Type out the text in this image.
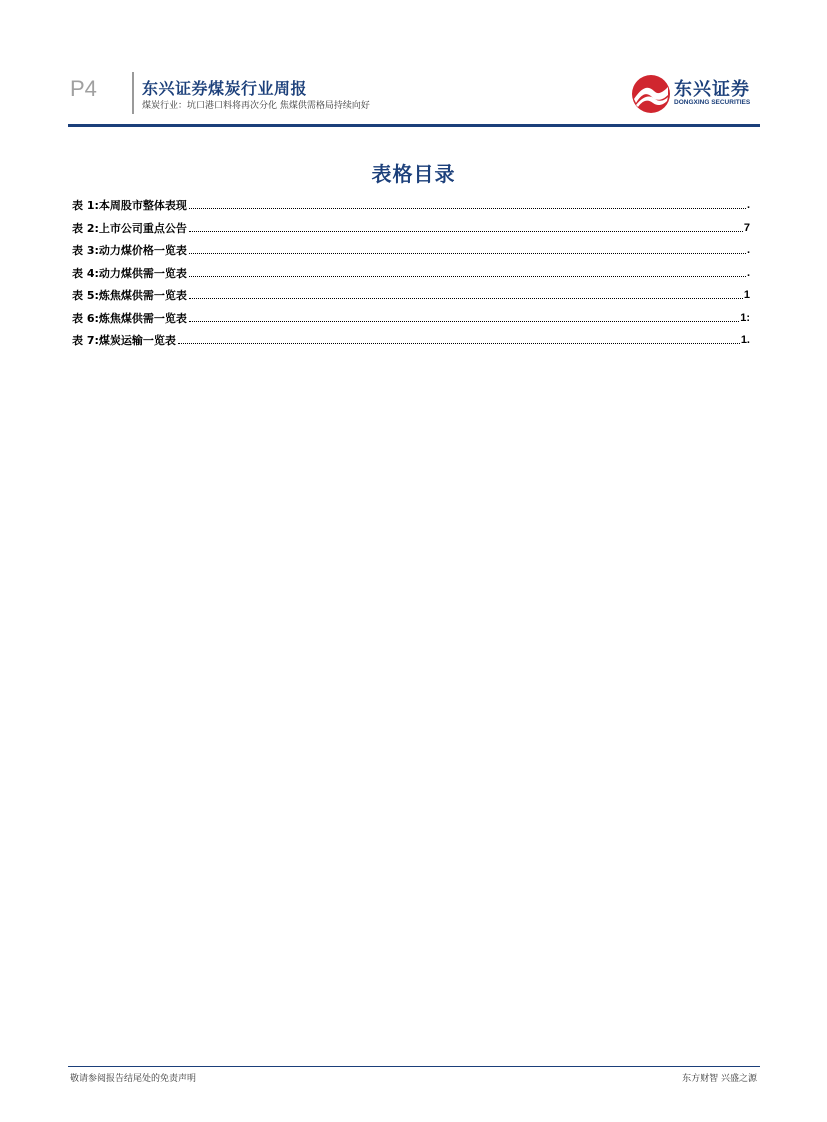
P4	东兴证券煤炭行业周报
煤炭行业：坑口港口料将再次分化 焦煤供需格局持续向好
东兴证券
DONGXING SECURITIES
表格目录
表 1:本周股市整体表现	.
表 2:上市公司重点公告	7
表 3:动力煤价格一览表	.
表 4:动力煤供需一览表	.
表 5:炼焦煤供需一览表	1
表 6:炼焦煤供需一览表	1:
表 7:煤炭运输一览表	1.
敬请参阅报告结尾处的免责声明	东方财智 兴盛之源
